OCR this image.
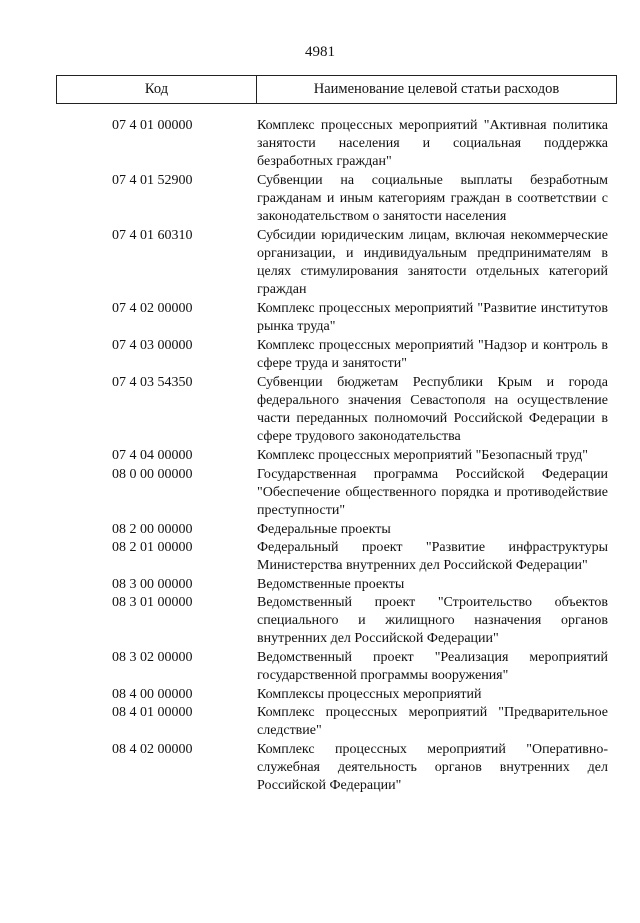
4981
Код	Наименование целевой статьи расходов
07 4 01 00000	Комплекс процессных мероприятий "Активная политика занятости населения и социальная поддержка безработных граждан"
07 4 01 52900	Субвенции на социальные выплаты безработным гражданам и иным категориям граждан в соответствии с законодательством о занятости населения
07 4 01 60310	Субсидии юридическим лицам, включая некоммерческие организации, и индивидуальным предпринимателям в целях стимулирования занятости отдельных категорий граждан
07 4 02 00000	Комплекс процессных мероприятий "Развитие институтов рынка труда"
07 4 03 00000	Комплекс процессных мероприятий "Надзор и контроль в сфере труда и занятости"
07 4 03 54350	Субвенции бюджетам Республики Крым и города федерального значения Севастополя на осуществление части переданных полномочий Российской Федерации в сфере трудового законодательства
07 4 04 00000	Комплекс процессных мероприятий "Безопасный труд"
08 0 00 00000	Государственная программа Российской Федерации "Обеспечение общественного порядка и противодействие преступности"
08 2 00 00000	Федеральные проекты
08 2 01 00000	Федеральный проект "Развитие инфраструктуры Министерства внутренних дел Российской Федерации"
08 3 00 00000	Ведомственные проекты
08 3 01 00000	Ведомственный проект "Строительство объектов специального и жилищного назначения органов внутренних дел Российской Федерации"
08 3 02 00000	Ведомственный проект "Реализация мероприятий государственной программы вооружения"
08 4 00 00000	Комплексы процессных мероприятий
08 4 01 00000	Комплекс процессных мероприятий "Предварительное следствие"
08 4 02 00000	Комплекс процессных мероприятий "Оперативно-служебная деятельность органов внутренних дел Российской Федерации"
